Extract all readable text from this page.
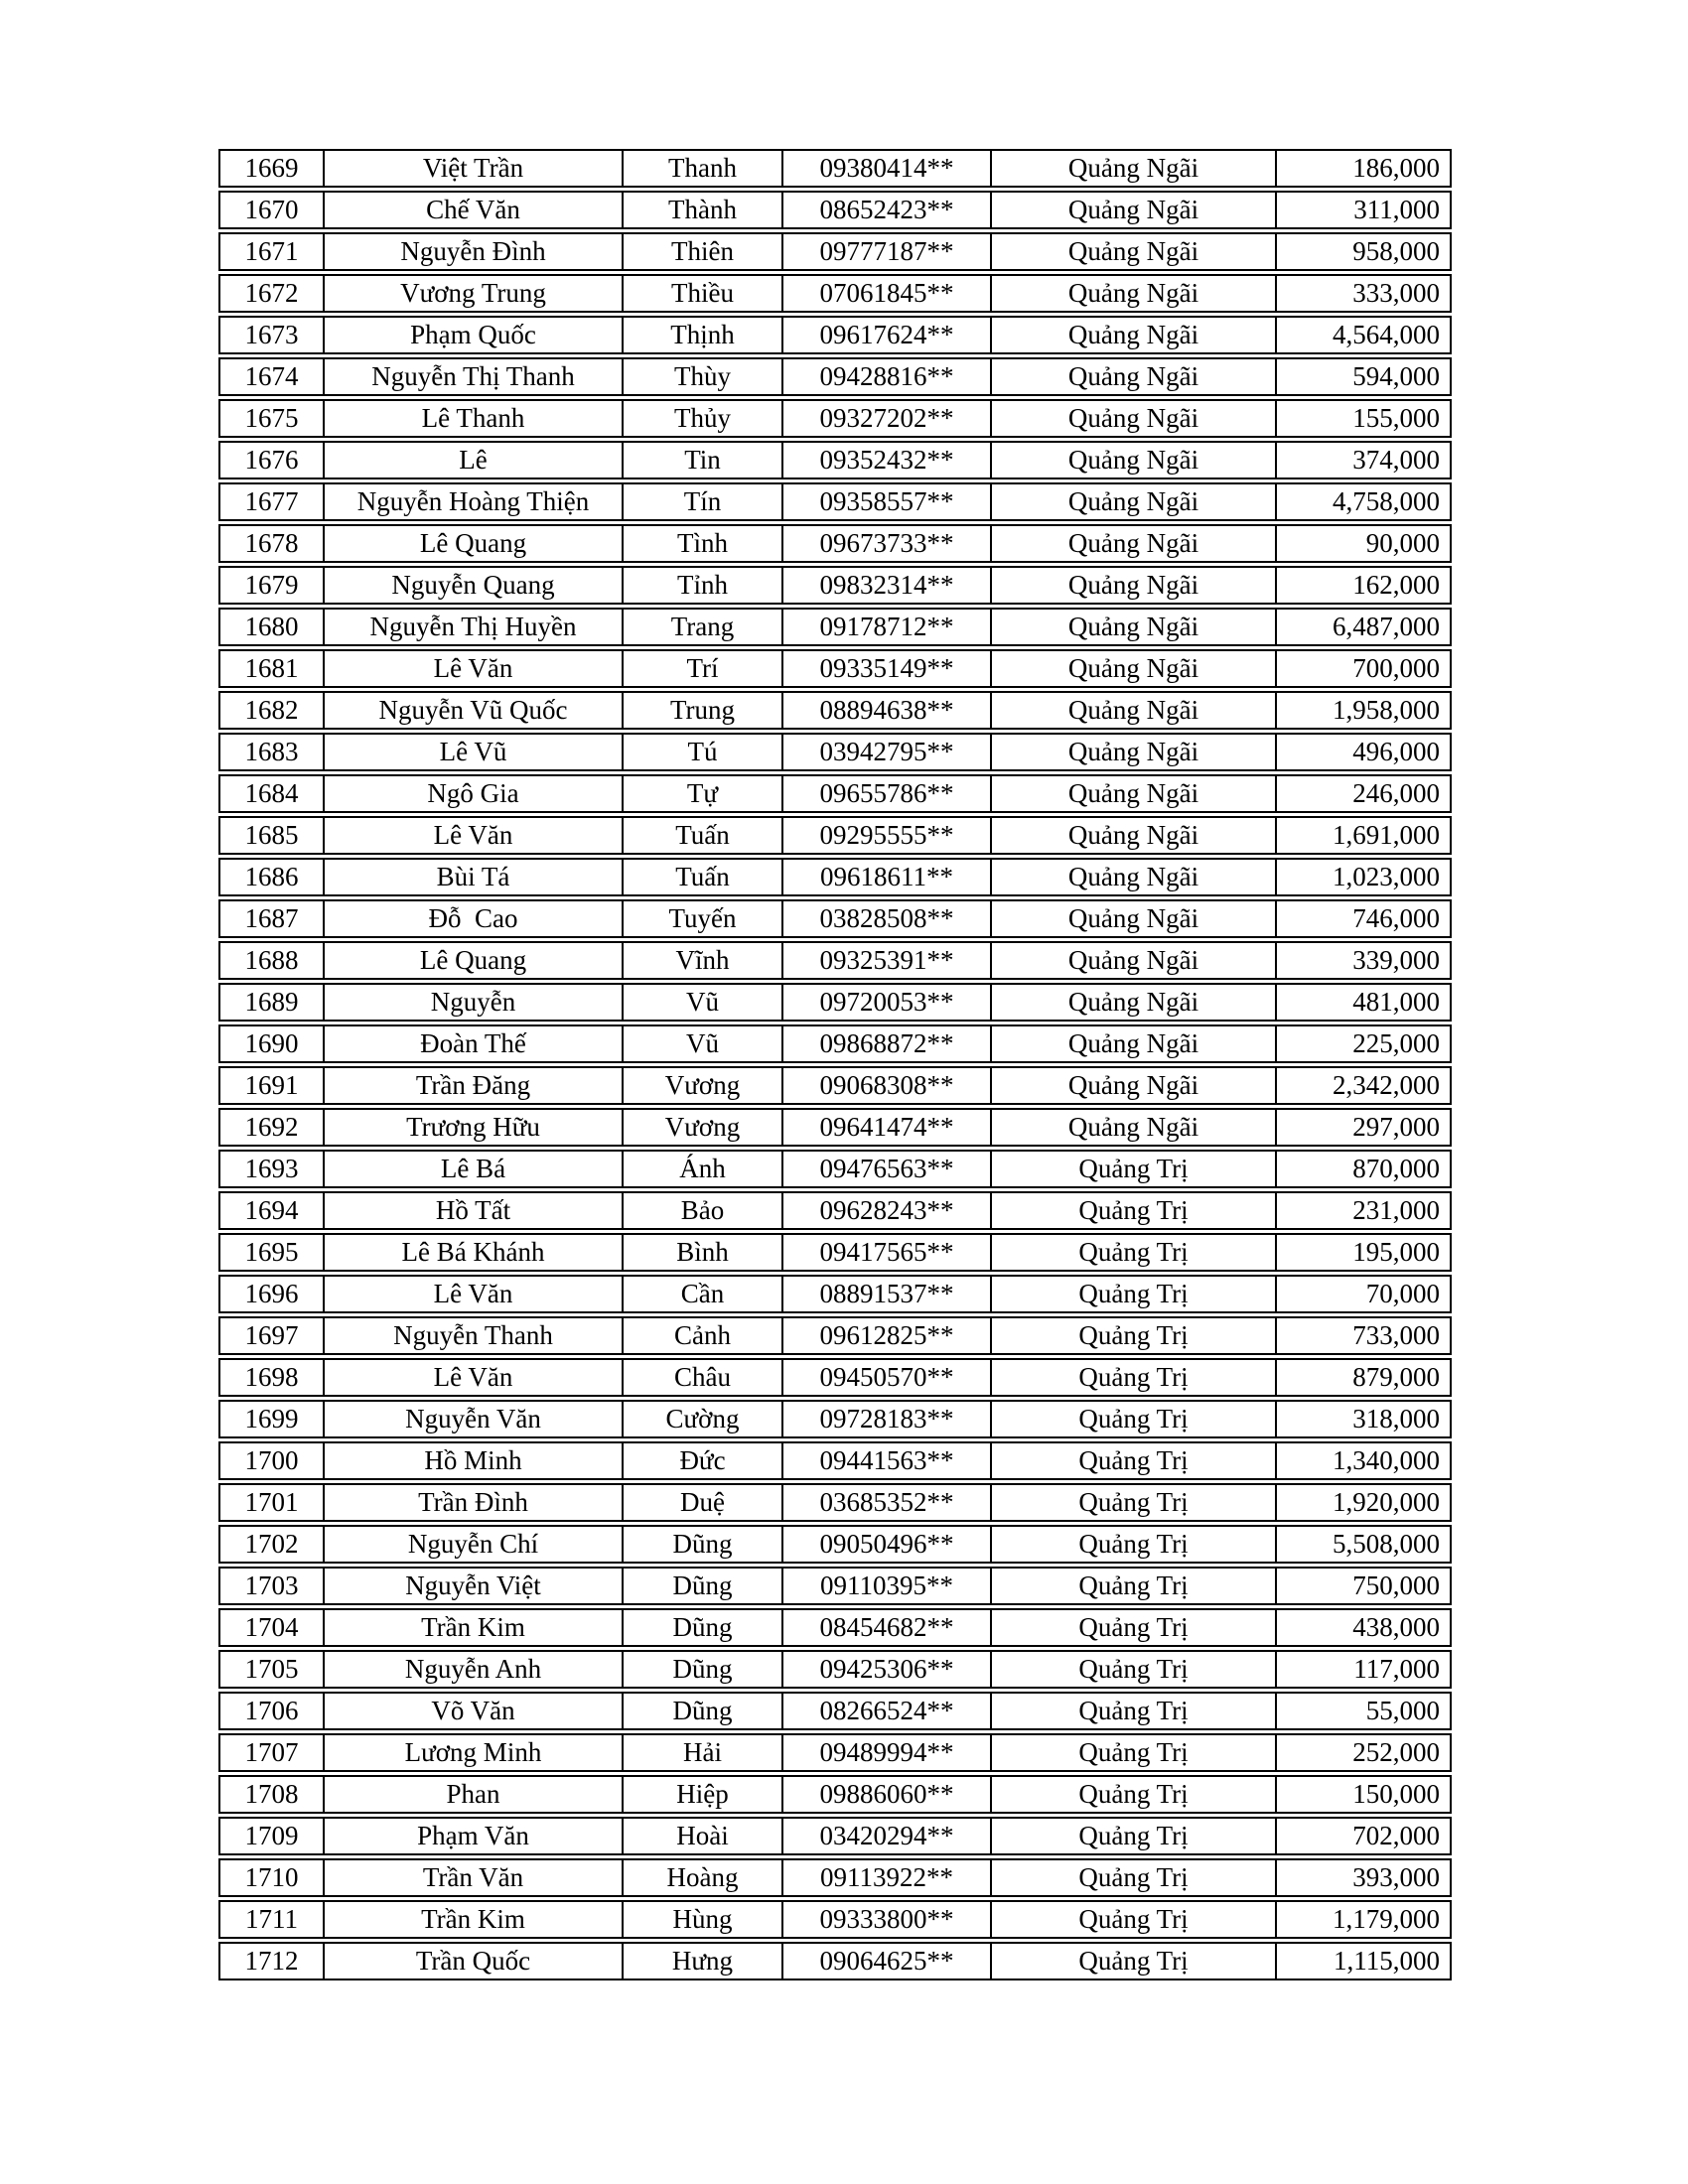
1669	Việt Trần	Thanh	09380414**	Quảng Ngãi	186,000
1670	Chế Văn	Thành	08652423**	Quảng Ngãi	311,000
1671	Nguyễn Đình	Thiên	09777187**	Quảng Ngãi	958,000
1672	Vương Trung	Thiều	07061845**	Quảng Ngãi	333,000
1673	Phạm Quốc	Thịnh	09617624**	Quảng Ngãi	4,564,000
1674	Nguyễn Thị Thanh	Thùy	09428816**	Quảng Ngãi	594,000
1675	Lê Thanh	Thủy	09327202**	Quảng Ngãi	155,000
1676	Lê	Tin	09352432**	Quảng Ngãi	374,000
1677	Nguyễn Hoàng Thiện	Tín	09358557**	Quảng Ngãi	4,758,000
1678	Lê Quang	Tình	09673733**	Quảng Ngãi	90,000
1679	Nguyễn Quang	Tỉnh	09832314**	Quảng Ngãi	162,000
1680	Nguyễn Thị Huyền	Trang	09178712**	Quảng Ngãi	6,487,000
1681	Lê Văn	Trí	09335149**	Quảng Ngãi	700,000
1682	Nguyễn Vũ Quốc	Trung	08894638**	Quảng Ngãi	1,958,000
1683	Lê Vũ	Tú	03942795**	Quảng Ngãi	496,000
1684	Ngô Gia	Tự	09655786**	Quảng Ngãi	246,000
1685	Lê Văn	Tuấn	09295555**	Quảng Ngãi	1,691,000
1686	Bùi Tá	Tuấn	09618611**	Quảng Ngãi	1,023,000
1687	Đỗ  Cao	Tuyến	03828508**	Quảng Ngãi	746,000
1688	Lê Quang	Vĩnh	09325391**	Quảng Ngãi	339,000
1689	Nguyễn	Vũ	09720053**	Quảng Ngãi	481,000
1690	Đoàn Thế	Vũ	09868872**	Quảng Ngãi	225,000
1691	Trần Đăng	Vương	09068308**	Quảng Ngãi	2,342,000
1692	Trương Hữu	Vương	09641474**	Quảng Ngãi	297,000
1693	Lê Bá	Ánh	09476563**	Quảng Trị	870,000
1694	Hồ Tất	Bảo	09628243**	Quảng Trị	231,000
1695	Lê Bá Khánh	Bình	09417565**	Quảng Trị	195,000
1696	Lê Văn	Cần	08891537**	Quảng Trị	70,000
1697	Nguyễn Thanh	Cảnh	09612825**	Quảng Trị	733,000
1698	Lê Văn	Châu	09450570**	Quảng Trị	879,000
1699	Nguyễn Văn	Cường	09728183**	Quảng Trị	318,000
1700	Hồ Minh	Đức	09441563**	Quảng Trị	1,340,000
1701	Trần Đình	Duệ	03685352**	Quảng Trị	1,920,000
1702	Nguyễn Chí	Dũng	09050496**	Quảng Trị	5,508,000
1703	Nguyễn Việt	Dũng	09110395**	Quảng Trị	750,000
1704	Trần Kim	Dũng	08454682**	Quảng Trị	438,000
1705	Nguyễn Anh	Dũng	09425306**	Quảng Trị	117,000
1706	Võ Văn	Dũng	08266524**	Quảng Trị	55,000
1707	Lương Minh	Hải	09489994**	Quảng Trị	252,000
1708	Phan	Hiệp	09886060**	Quảng Trị	150,000
1709	Phạm Văn	Hoài	03420294**	Quảng Trị	702,000
1710	Trần Văn	Hoàng	09113922**	Quảng Trị	393,000
1711	Trần Kim	Hùng	09333800**	Quảng Trị	1,179,000
1712	Trần Quốc	Hưng	09064625**	Quảng Trị	1,115,000
